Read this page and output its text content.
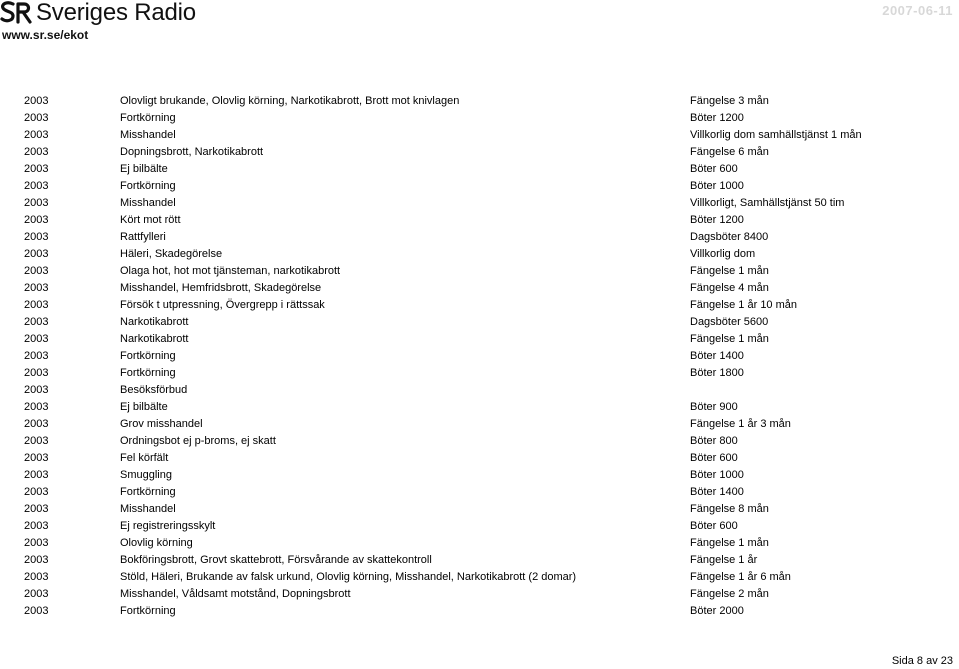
Sveriges Radio
www.sr.se/ekot
2007-06-11
2003	Olovligt brukande, Olovlig körning, Narkotikabrott, Brott mot knivlagen	Fängelse 3 mån
2003	Fortkörning	Böter 1200
2003	Misshandel	Villkorlig dom samhällstjänst 1 mån
2003	Dopningsbrott, Narkotikabrott	Fängelse 6 mån
2003	Ej bilbälte	Böter 600
2003	Fortkörning	Böter 1000
2003	Misshandel	Villkorligt, Samhällstjänst 50 tim
2003	Kört mot rött	Böter 1200
2003	Rattfylleri	Dagsböter 8400
2003	Häleri, Skadegörelse	Villkorlig dom
2003	Olaga hot, hot mot tjänsteman, narkotikabrott	Fängelse 1 mån
2003	Misshandel, Hemfridsbrott, Skadegörelse	Fängelse 4 mån
2003	Försök t utpressning, Övergrepp i rättssak	Fängelse 1 år 10 mån
2003	Narkotikabrott	Dagsböter 5600
2003	Narkotikabrott	Fängelse 1 mån
2003	Fortkörning	Böter 1400
2003	Fortkörning	Böter 1800
2003	Besöksförbud	
2003	Ej bilbälte	Böter 900
2003	Grov misshandel	Fängelse 1 år 3 mån
2003	Ordningsbot ej p-broms, ej skatt	Böter 800
2003	Fel körfält	Böter 600
2003	Smuggling	Böter 1000
2003	Fortkörning	Böter 1400
2003	Misshandel	Fängelse 8 mån
2003	Ej registreringsskylt	Böter 600
2003	Olovlig körning	Fängelse 1 mån
2003	Bokföringsbrott, Grovt skattebrott, Försvårande av skattekontroll	Fängelse 1 år
2003	Stöld, Häleri, Brukande av falsk urkund, Olovlig körning, Misshandel, Narkotikabrott (2 domar)	Fängelse 1 år 6 mån
2003	Misshandel, Våldsamt motstånd, Dopningsbrott	Fängelse 2 mån
2003	Fortkörning	Böter 2000
Sida 8 av 23
